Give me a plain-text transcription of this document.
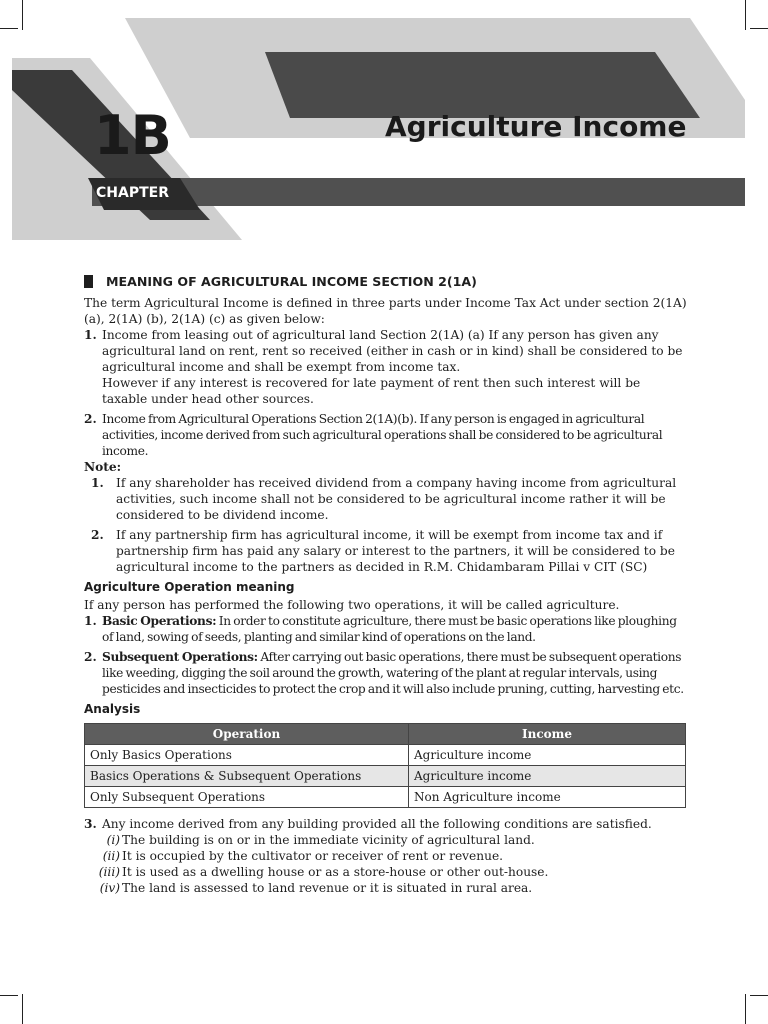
1B
CHAPTER
Agriculture Income
MEANING OF AGRICULTURAL INCOME SECTION 2(1A)

The term Agricultural Income is defined in three parts under Income Tax Act under section 2(1A) (a), 2(1A) (b), 2(1A) (c) as given below:

1. Income from leasing out of agricultural land Section 2(1A) (a) If any person has given any agricultural land on rent, rent so received (either in cash or in kind) shall be considered to be agricultural income and shall be exempt from income tax.

However if any interest is recovered for late payment of rent then such interest will be taxable under head other sources.

2. Income from Agricultural Operations Section 2(1A)(b). If any person is engaged in agricultural activities, income derived from such agricultural operations shall be considered to be agricultural income.

Note:

1. If any shareholder has received dividend from a company having income from agricultural activities, such income shall not be considered to be agricultural income rather it will be considered to be dividend income.

2. If any partnership firm has agricultural income, it will be exempt from income tax and if partnership firm has paid any salary or interest to the partners, it will be considered to be agricultural income to the partners as decided in R.M. Chidambaram Pillai v CIT (SC)

Agriculture Operation meaning

If any person has performed the following two operations, it will be called agriculture.

1. Basic Operations: In order to constitute agriculture, there must be basic operations like ploughing of land, sowing of seeds, planting and similar kind of operations on the land.

2. Subsequent Operations: After carrying out basic operations, there must be subsequent operations like weeding, digging the soil around the growth, watering of the plant at regular intervals, using pesticides and insecticides to protect the crop and it will also include pruning, cutting, harvesting etc.

Analysis
Operation	Income
Only Basics Operations	Agriculture income
Basics Operations & Subsequent Operations	Agriculture income
Only Subsequent Operations	Non Agriculture income
3. Any income derived from any building provided all the following conditions are satisfied.

(i) The building is on or in the immediate vicinity of agricultural land.
(ii) It is occupied by the cultivator or receiver of rent or revenue.
(iii) It is used as a dwelling house or as a store-house or other out-house.
(iv) The land is assessed to land revenue or it is situated in rural area.
